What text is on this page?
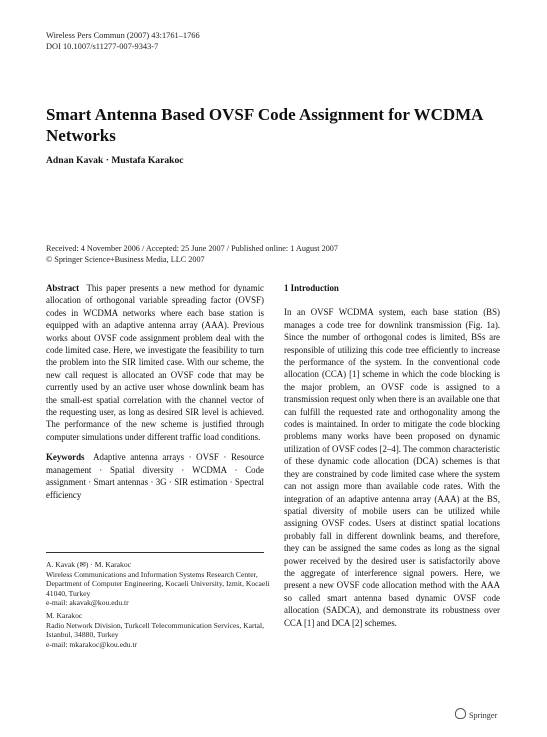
Wireless Pers Commun (2007) 43:1761–1766
DOI 10.1007/s11277-007-9343-7
Smart Antenna Based OVSF Code Assignment for WCDMA Networks
Adnan Kavak · Mustafa Karakoc
Received: 4 November 2006 / Accepted: 25 June 2007 / Published online: 1 August 2007
© Springer Science+Business Media, LLC 2007
Abstract This paper presents a new method for dynamic allocation of orthogonal variable spreading factor (OVSF) codes in WCDMA networks where each base station is equipped with an adaptive antenna array (AAA). Previous works about OVSF code assignment problem deal with the code limited case. Here, we investigate the feasibility to turn the problem into the SIR limited case. With our scheme, the new call request is allocated an OVSF code that may be currently used by an active user whose downlink beam has the small-est spatial correlation with the channel vector of the requesting user, as long as desired SIR level is achieved. The performance of the new scheme is justified through computer simulations under different traffic load conditions.
Keywords Adaptive antenna arrays · OVSF · Resource management · Spatial diversity · WCDMA · Code assignment · Smart antennas · 3G · SIR estimation · Spectral efficiency

A. Kavak (✉) · M. Karakoc
Wireless Communications and Information Systems Research Center, Department of Computer Engineering, Kocaeli University, Izmit, Kocaeli 41040, Turkey
e-mail: akavak@kou.edu.tr

M. Karakoc
Radio Network Division, Turkcell Telecommunication Services, Kartal, Istanbul, 34880, Turkey
e-mail: mkarakoc@kou.edu.tr

1 Introduction
In an OVSF WCDMA system, each base station (BS) manages a code tree for downlink transmission (Fig. 1a). Since the number of orthogonal codes is limited, BSs are responsible of utilizing this code tree efficiently to increase the performance of the system. In the conventional code allocation (CCA) [1] scheme in which the code blocking is the major problem, an OVSF code is assigned to a transmission request only when there is an available one that can fulfill the requested rate and orthogonality among the codes is maintained. In order to mitigate the code blocking problems many works have been proposed on dynamic utilization of OVSF codes [2–4]. The common characteristic of these dynamic code allocation (DCA) schemes is that they are constrained by code limited case where the system can not assign more than available code rates. With the integration of an adaptive antenna array (AAA) at the BS, spatial diversity of mobile users can be utilized while assigning OVSF codes. Users at distinct spatial locations probably fall in different downlink beams, and therefore, they can be assigned the same codes as long as the signal power received by the desired user is satisfactorily above the aggregate of interference signal powers. Here, we present a new OVSF code allocation method with the AAA so called smart antenna based dynamic OVSF code allocation (SADCA), and demonstrate its robustness over CCA [1] and DCA [2] schemes.
Springer
